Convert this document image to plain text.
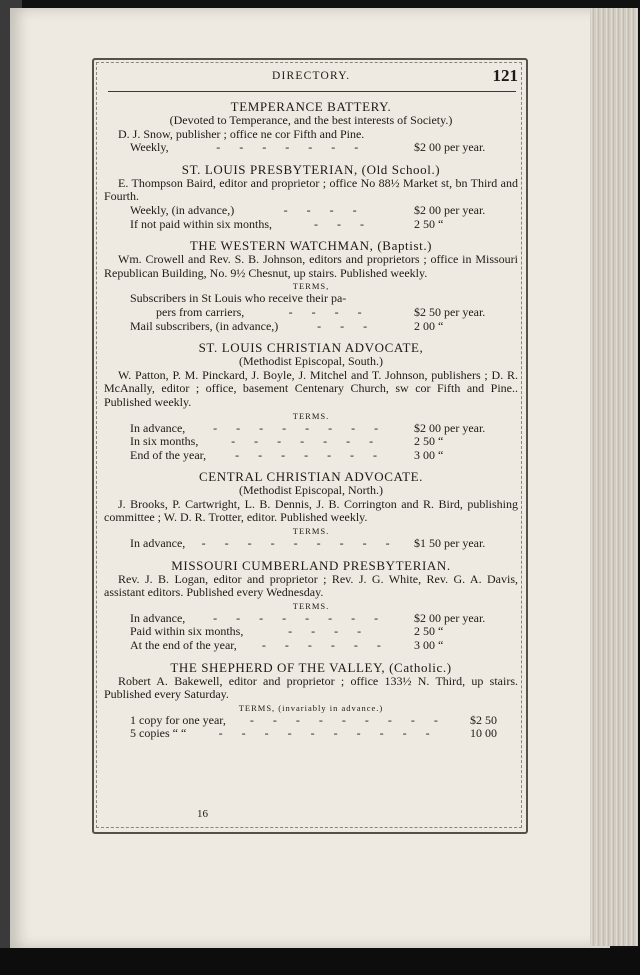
DIRECTORY.	121
TEMPERANCE BATTERY.
(Devoted to Temperance, and the best interests of Society.)
D. J. Snow, publisher ; office ne cor Fifth and Pine.
Weekly,	- - - - - - -	$2 00 per year.
ST. LOUIS PRESBYTERIAN, (Old School.)
E. Thompson Baird, editor and proprietor ; office No 88½ Market st, bn Third and Fourth.
Weekly, (in advance,)	- - - -	$2 00 per year.
If not paid within six months,	- - -	2 50 “
THE WESTERN WATCHMAN, (Baptist.)
Wm. Crowell and Rev. S. B. Johnson, editors and proprietors ; office in Missouri Republican Building, No. 9½ Chesnut, up stairs. Published weekly.
TERMS,
Subscribers in St Louis who receive their pa-
pers from carriers,	- - - -	$2 50 per year.
Mail subscribers, (in advance,)	- - -	2 00 “
ST. LOUIS CHRISTIAN ADVOCATE,
(Methodist Episcopal, South.)
W. Patton, P. M. Pinckard, J. Boyle, J. Mitchel and T. Johnson, publishers ; D. R. McAnally, editor ; office, basement Centenary Church, sw cor Fifth and Pine.. Published weekly.
TERMS.
In advance,	- - - - - - - -	$2 00 per year.
In six months,	- - - - - - -	2 50 “
End of the year,	- - - - - - -	3 00 “
CENTRAL CHRISTIAN ADVOCATE.
(Methodist Episcopal, North.)
J. Brooks, P. Cartwright, L. B. Dennis, J. B. Corrington and R. Bird, publishing committee ; W. D. R. Trotter, editor. Published weekly.
TERMS.
In advance,	- - - - - - - - -	$1 50 per year.
MISSOURI CUMBERLAND PRESBYTERIAN.
Rev. J. B. Logan, editor and proprietor ; Rev. J. G. White, Rev. G. A. Davis, assistant editors. Published every Wednesday.
TERMS.
In advance,	- - - - - - - -	$2 00 per year.
Paid within six months,	- - - -	2 50 “
At the end of the year,	- - - - - -	3 00 “
THE SHEPHERD OF THE VALLEY, (Catholic.)
Robert A. Bakewell, editor and proprietor ; office 133½ N. Third, up stairs. Published every Saturday.
TERMS, (invariably in advance.)
1 copy for one year,	- - - - - - - - -	$2 50
5 copies “ “	- - - - - - - - - -	10 00
16
